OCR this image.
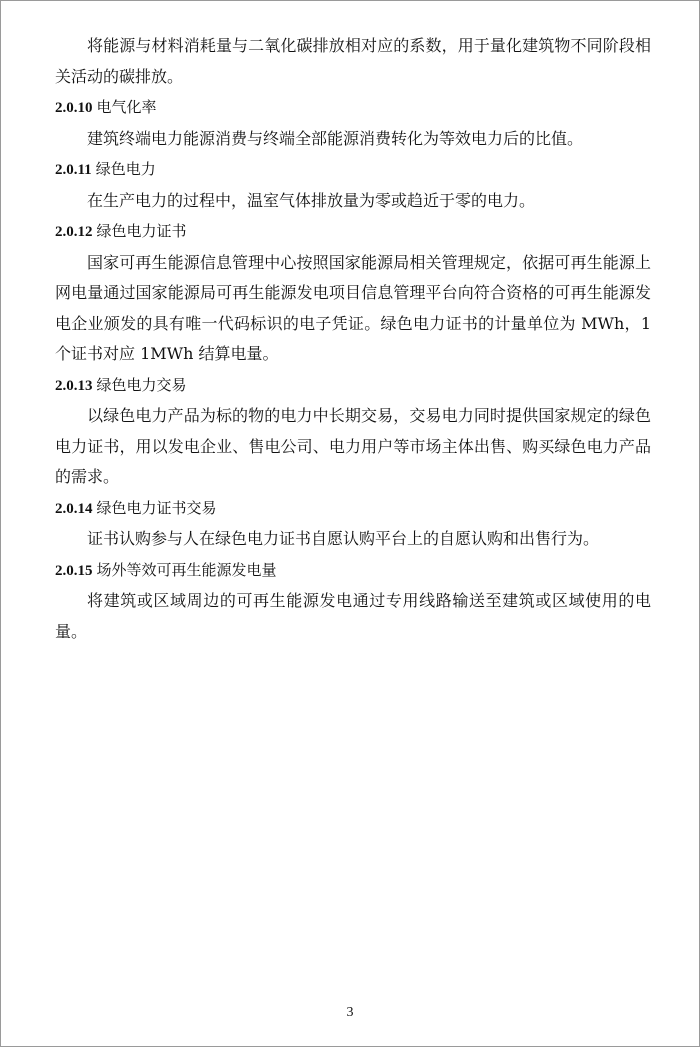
将能源与材料消耗量与二氧化碳排放相对应的系数，用于量化建筑物不同阶段相关活动的碳排放。

2.0.10 电气化率

建筑终端电力能源消费与终端全部能源消费转化为等效电力后的比值。

2.0.11 绿色电力

在生产电力的过程中，温室气体排放量为零或趋近于零的电力。

2.0.12 绿色电力证书

国家可再生能源信息管理中心按照国家能源局相关管理规定，依据可再生能源上网电量通过国家能源局可再生能源发电项目信息管理平台向符合资格的可再生能源发电企业颁发的具有唯一代码标识的电子凭证。绿色电力证书的计量单位为 MWh，1 个证书对应 1MWh 结算电量。

2.0.13 绿色电力交易

以绿色电力产品为标的物的电力中长期交易，交易电力同时提供国家规定的绿色电力证书，用以发电企业、售电公司、电力用户等市场主体出售、购买绿色电力产品的需求。

2.0.14 绿色电力证书交易

证书认购参与人在绿色电力证书自愿认购平台上的自愿认购和出售行为。

2.0.15 场外等效可再生能源发电量

将建筑或区域周边的可再生能源发电通过专用线路输送至建筑或区域使用的电量。

3
